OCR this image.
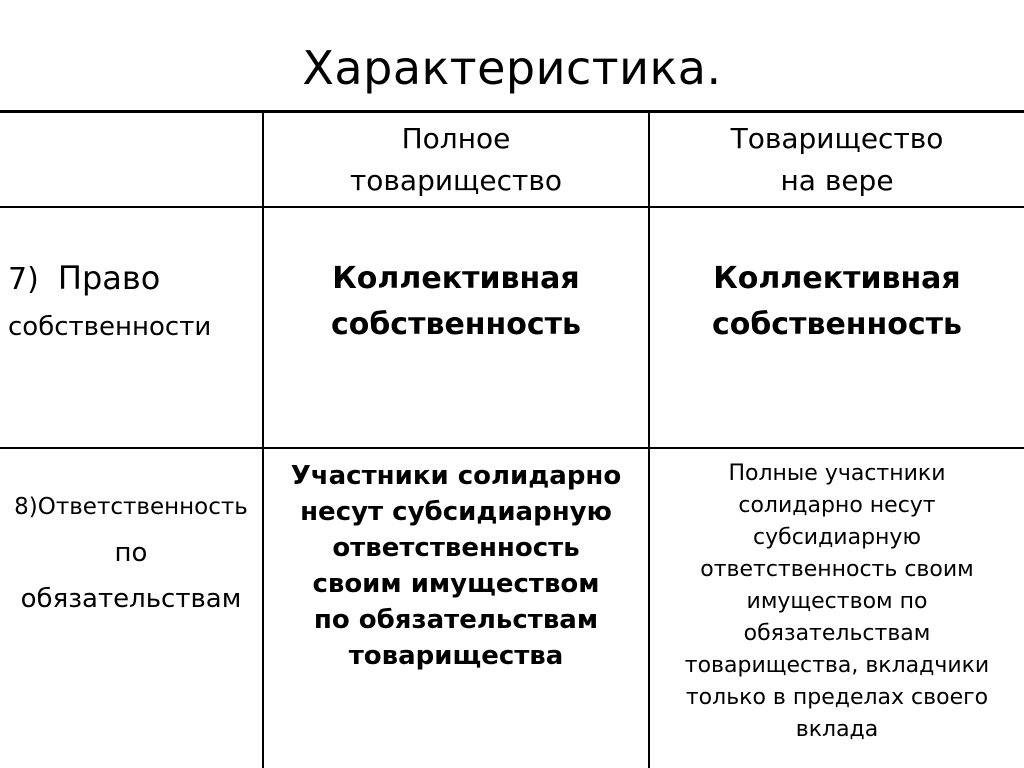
Характеристика.
Полное
товарищество
Товарищество
на вере
7) Право
собственности
Коллективная
собственность
Коллективная
собственность
8)Ответственность
по
обязательствам
Участники солидарно
несут субсидиарную
ответственность
своим имуществом
по обязательствам
товарищества
Полные участники
солидарно несут
субсидиарную
ответственность своим
имуществом по
обязательствам
товарищества, вкладчики
только в пределах своего
вклада
